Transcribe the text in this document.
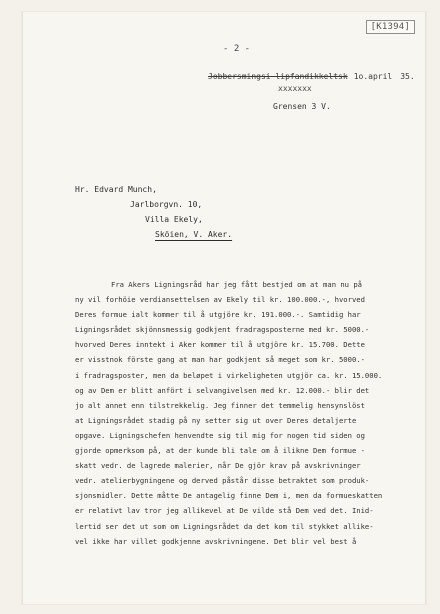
[K1394]
- 2 -
Jobbersmingsi lipfandikkeltsk 1o.april 35.
xxxxxxx
Grensen 3 V.
Hr. Edvard Munch,
Jarlborgvn. 10,
Villa Ekely,
Sköien, V. Aker.

Fra Akers Ligningsråd har jeg fått bestjed om at man nu på

ny vil forhöie verdiansettelsen av Ekely til kr. 100.000.-, hvorved

Deres formue ialt kommer til å utgjöre kr. 191.000.-. Samtidig har

Ligningsrådet skjönnsmessig godkjent fradragsposterne med kr. 5000.-

hvorved Deres inntekt i Aker kommer til å utgjöre kr. 15.700. Dette

er visstnok förste gang at man har godkjent så meget som kr. 5000.-

i fradragsposter, men da beløpet i virkeligheten utgjör ca. kr. 15.000.

og av Dem er blitt anfört i selvangivelsen med kr. 12.000.- blir det

jo alt annet enn tilstrekkelig. Jeg finner det temmelig hensynslöst

at Ligningsrådet stadig på ny setter sig ut over Deres detaljerte

opgave. Ligningschefen henvendte sig til mig for nogen tid siden og

gjorde opmerksom på, at der kunde bli tale om å ilikne Dem formue -

skatt vedr. de lagrede malerier, når De gjör krav på avskrivninger

vedr. atelierbygningene og derved påstår disse betraktet som produk-

sjonsmidler. Dette måtte De antagelig finne Dem i, men da formueskatten

er relativt lav tror jeg allikevel at De vilde stå Dem ved det. Inid-

lertid ser det ut som om Ligningsrådet da det kom til stykket allike-

vel ikke har villet godkjenne avskrivningene. Det blir vel best å
